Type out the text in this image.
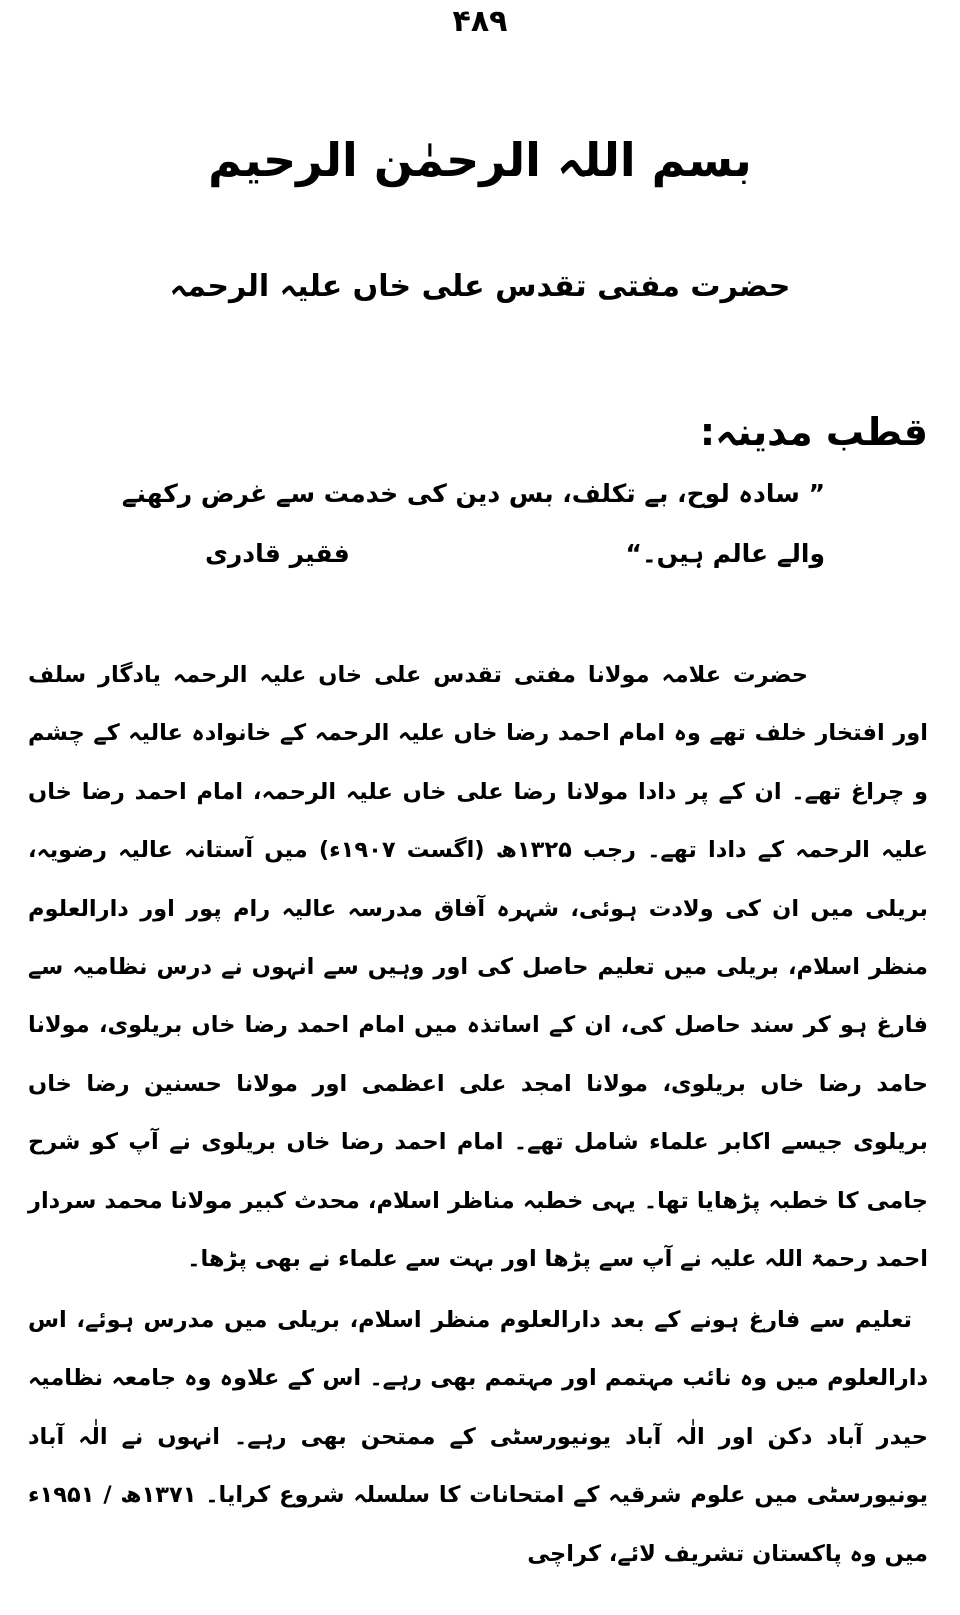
۴۸۹
بسم اللہ الرحمٰن الرحیم
حضرت مفتی تقدس علی خاں علیہ الرحمہ
قطب مدینہ:
” سادہ لوح، بے تکلف، بس دین کی خدمت سے غرض رکھنے
والے عالم ہیں۔“
فقیر قادری
حضرت علامہ مولانا مفتی تقدس علی خاں علیہ الرحمہ یادگار سلف اور افتخار خلف تھے وہ امام احمد رضا خاں علیہ الرحمہ کے خانوادہ عالیہ کے چشم و چراغ تھے۔ ان کے پر دادا مولانا رضا علی خاں علیہ الرحمہ، امام احمد رضا خاں علیہ الرحمہ کے دادا تھے۔ رجب ۱۳۲۵ھ (اگست ۱۹۰۷ء) میں آستانہ عالیہ رضویہ، بریلی میں ان کی ولادت ہوئی، شہرہ آفاق مدرسہ عالیہ رام پور اور دارالعلوم منظر اسلام، بریلی میں تعلیم حاصل کی اور وہیں سے انہوں نے درس نظامیہ سے فارغ ہو کر سند حاصل کی، ان کے اساتذہ میں امام احمد رضا خاں بریلوی، مولانا حامد رضا خاں بریلوی، مولانا امجد علی اعظمی اور مولانا حسنین رضا خاں بریلوی جیسے اکابر علماء شامل تھے۔ امام احمد رضا خاں بریلوی نے آپ کو شرح جامی کا خطبہ پڑھایا تھا۔ یہی خطبہ مناظر اسلام، محدث کبیر مولانا محمد سردار احمد رحمۃ اللہ علیہ نے آپ سے پڑھا اور بہت سے علماء نے بھی پڑھا۔
تعلیم سے فارغ ہونے کے بعد دارالعلوم منظر اسلام، بریلی میں مدرس ہوئے، اس دارالعلوم میں وہ نائب مہتمم اور مہتمم بھی رہے۔ اس کے علاوہ وہ جامعہ نظامیہ حیدر آباد دکن اور الٰہ آباد یونیورسٹی کے ممتحن بھی رہے۔ انہوں نے الٰہ آباد یونیورسٹی میں علوم شرقیہ کے امتحانات کا سلسلہ شروع کرایا۔ ۱۳۷۱ھ / ۱۹۵۱ء میں وہ پاکستان تشریف لائے، کراچی
